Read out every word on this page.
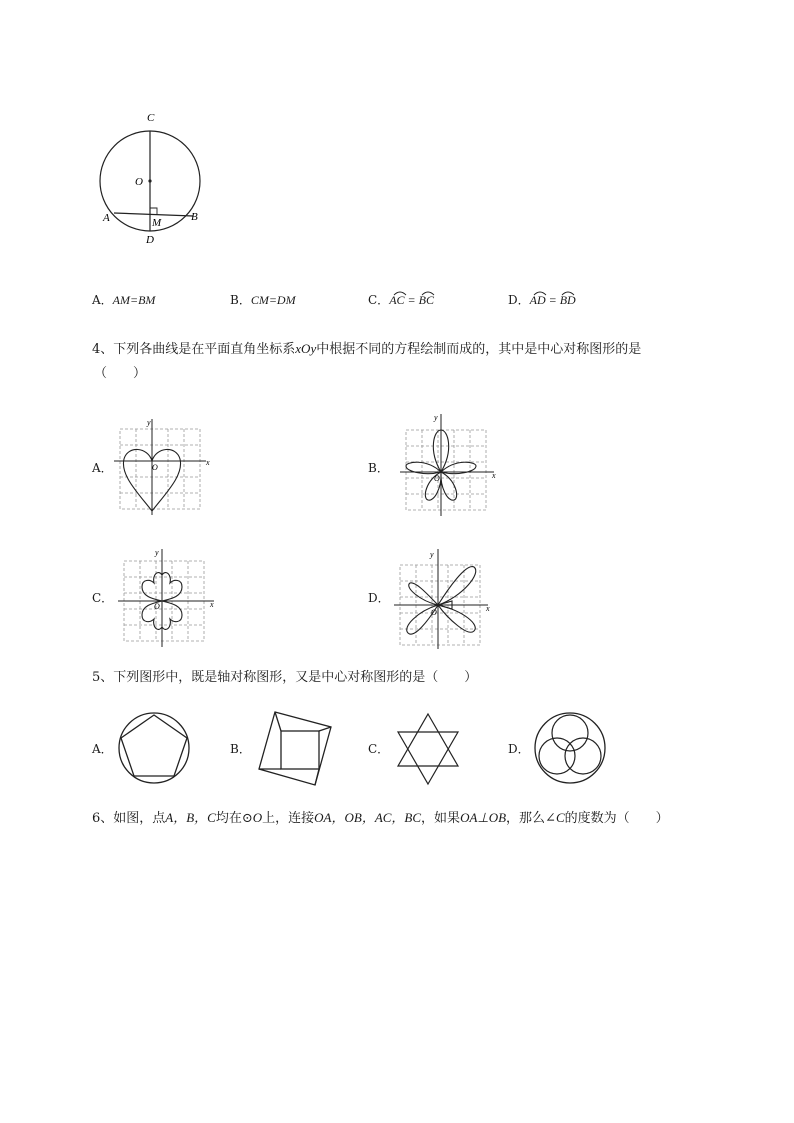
C
O
A	B
M
D
A．AM=BM	B．CM=DM	C．AC = BC	D．AD = BD
4、下列各曲线是在平面直角坐标系xOy中根据不同的方程绘制而成的，其中是中心对称图形的是
（　　）
A．	B．
C．	D．
x
y
O
x
y
O
x
y
O	x
y
O
5、下列图形中，既是轴对称图形，又是中心对称图形的是（　　）
A．	B．	C．	D．
6、如图，点A，B，C均在⊙O上，连接OA，OB，AC，BC，如果OA⊥OB，那么∠C的度数为（　　）
